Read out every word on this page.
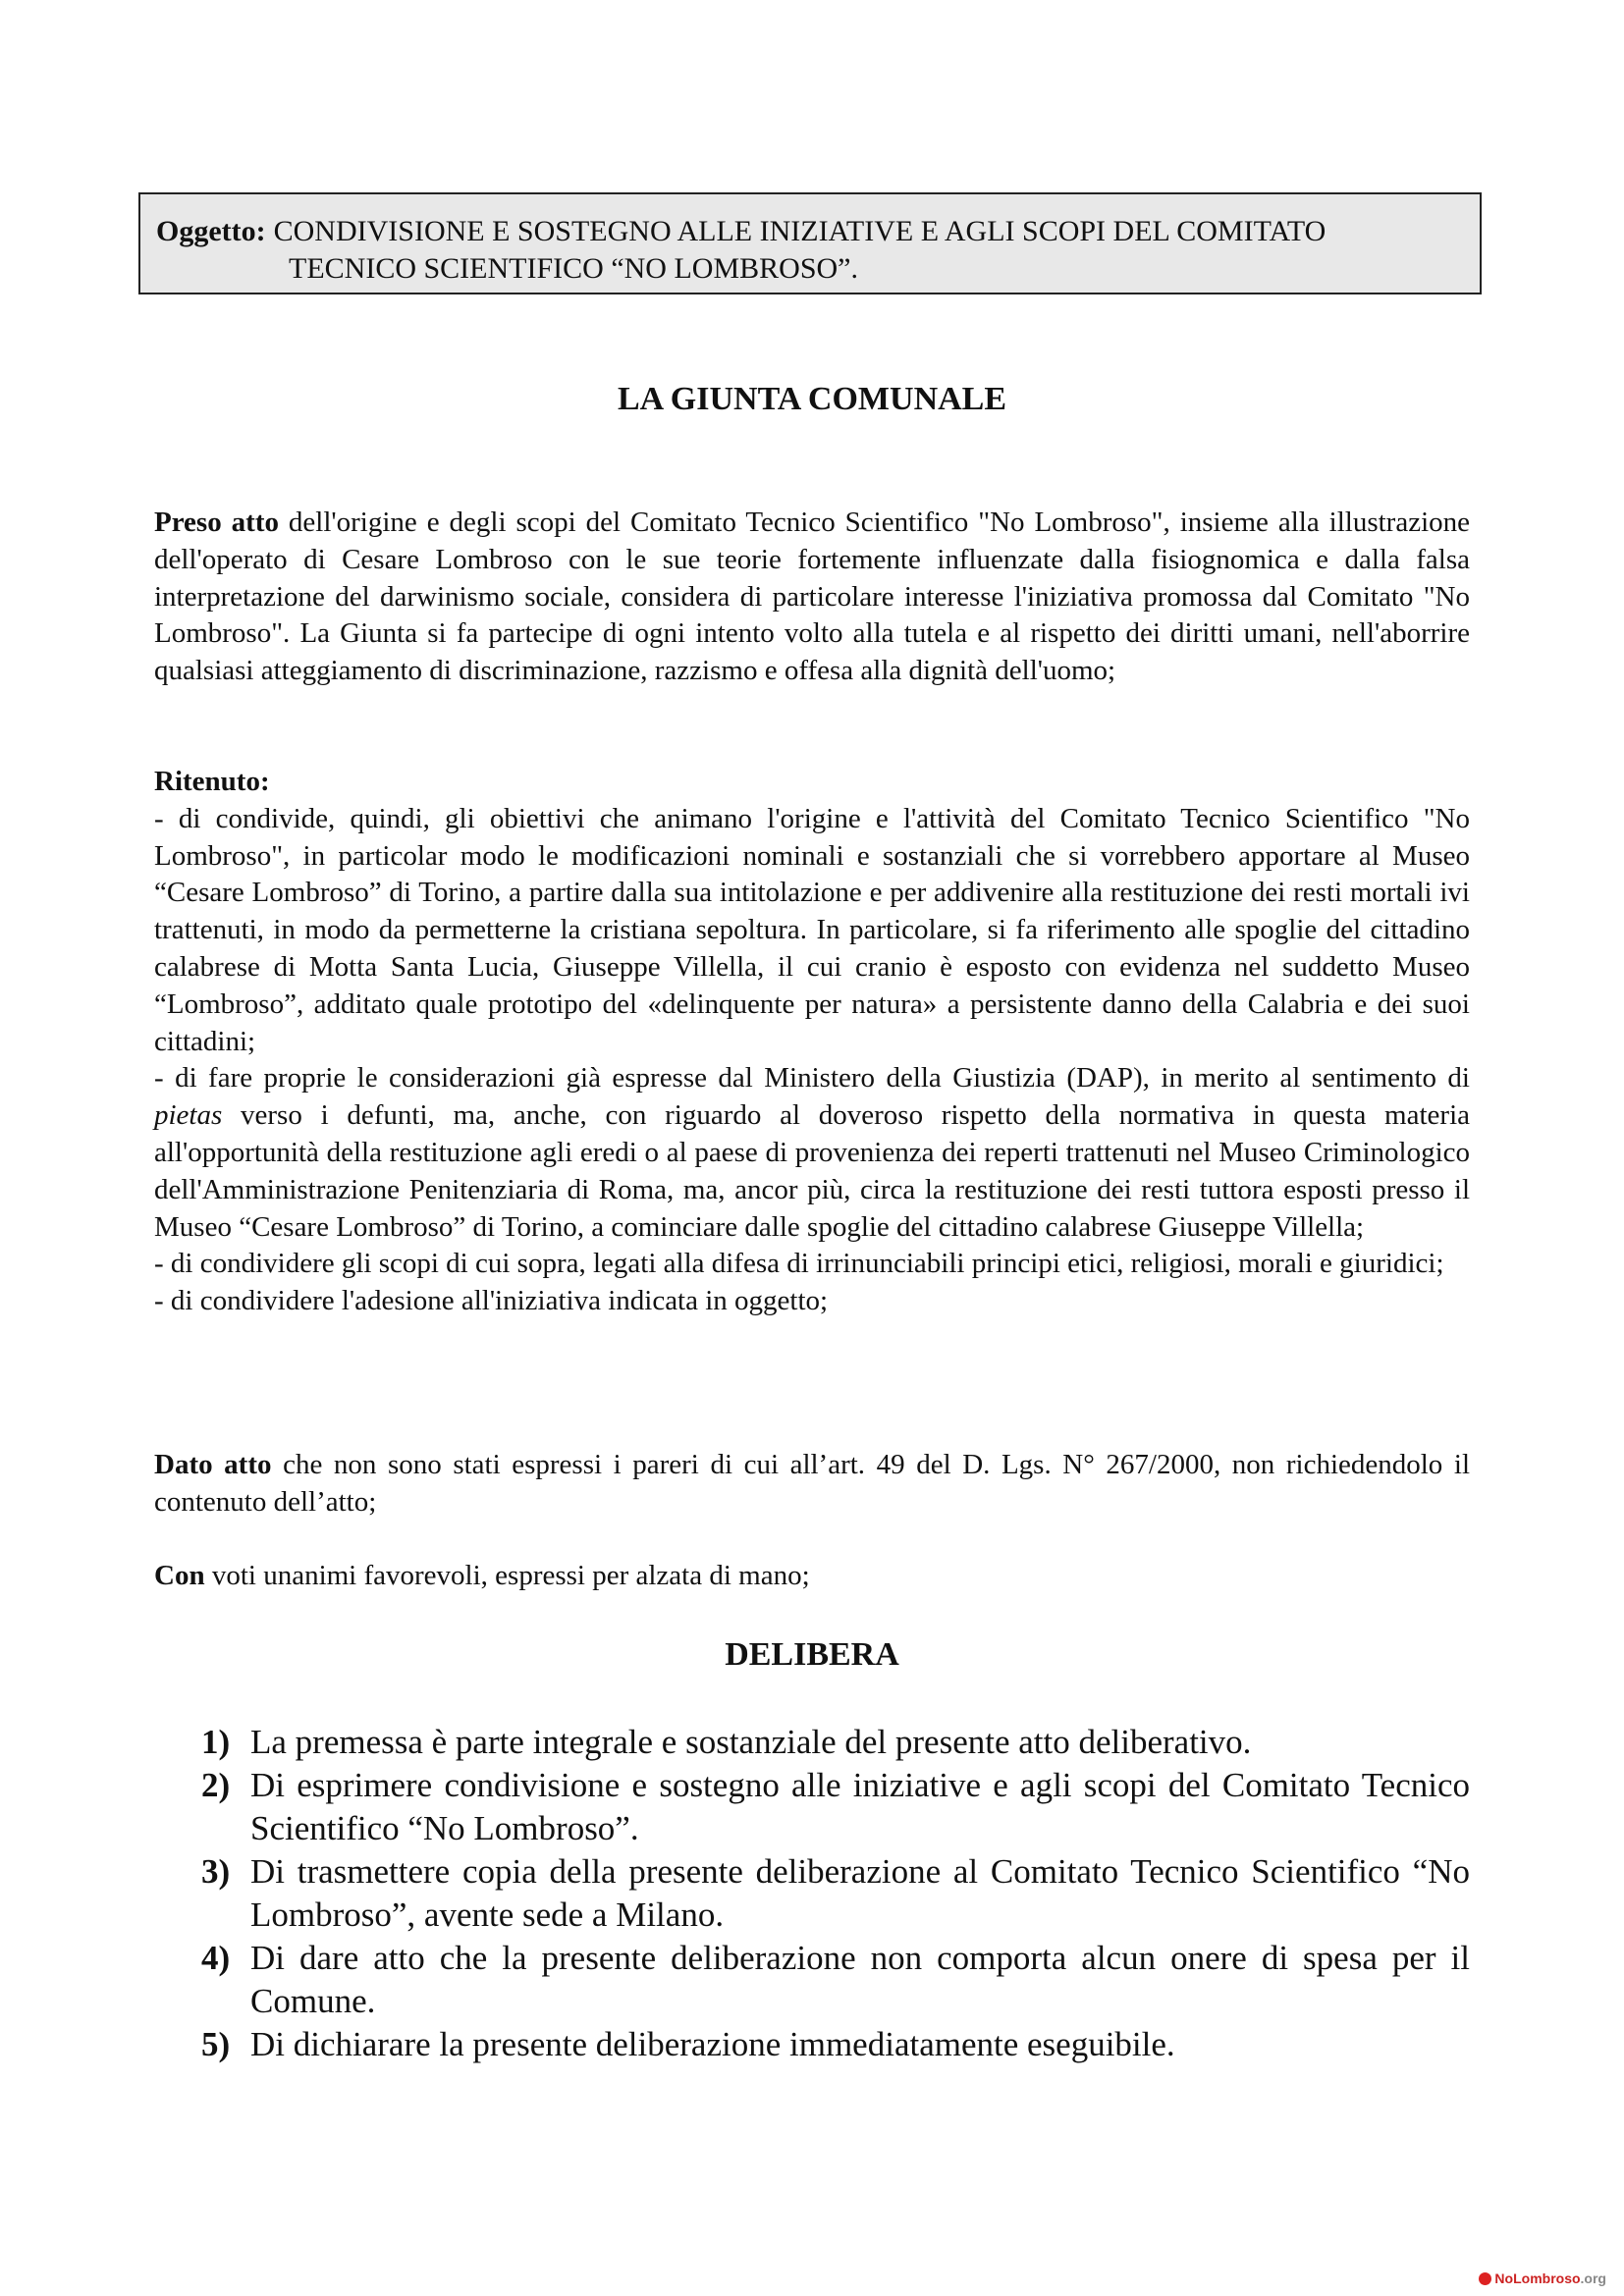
Oggetto: CONDIVISIONE E SOSTEGNO ALLE INIZIATIVE E AGLI SCOPI DEL COMITATO
TECNICO SCIENTIFICO “NO LOMBROSO”.
LA GIUNTA COMUNALE

Preso atto dell'origine e degli scopi del Comitato Tecnico Scientifico "No Lombroso", insieme alla illustrazione dell'operato di Cesare Lombroso con le sue teorie fortemente influenzate dalla fisiognomica e dalla falsa interpretazione del darwinismo sociale, considera di particolare interesse l'iniziativa promossa dal Comitato "No Lombroso". La Giunta si fa partecipe di ogni intento volto alla tutela e al rispetto dei diritti umani, nell'aborrire qualsiasi atteggiamento di discriminazione, razzismo e offesa alla dignità dell'uomo;

Ritenuto:

- di condivide, quindi, gli obiettivi che animano l'origine e l'attività del Comitato Tecnico Scientifico "No Lombroso", in particolar modo le modificazioni nominali e sostanziali che si vorrebbero apportare al Museo “Cesare Lombroso” di Torino, a partire dalla sua intitolazione e per addivenire alla restituzione dei resti mortali ivi trattenuti, in modo da permetterne la cristiana sepoltura. In particolare, si fa riferimento alle spoglie del cittadino calabrese di Motta Santa Lucia, Giuseppe Villella, il cui cranio è esposto con evidenza nel suddetto Museo “Lombroso”, additato quale prototipo del «delinquente per natura» a persistente danno della Calabria e dei suoi cittadini;

- di fare proprie le considerazioni già espresse dal Ministero della Giustizia (DAP), in merito al sentimento di pietas verso i defunti, ma, anche, con riguardo al doveroso rispetto della normativa in questa materia all'opportunità della restituzione agli eredi o al paese di provenienza dei reperti trattenuti nel Museo Criminologico dell'Amministrazione Penitenziaria di Roma, ma, ancor più, circa la restituzione dei resti tuttora esposti presso il Museo “Cesare Lombroso” di Torino, a cominciare dalle spoglie del cittadino calabrese Giuseppe Villella;

- di condividere gli scopi di cui sopra, legati alla difesa di irrinunciabili principi etici, religiosi, morali e giuridici;

- di condividere l'adesione all'iniziativa indicata in oggetto;

Dato atto che non sono stati espressi i pareri di cui all’art. 49 del D. Lgs. N° 267/2000, non richiedendolo il contenuto dell’atto;

Con voti unanimi favorevoli, espressi per alzata di mano;

DELIBERA
1) La premessa è parte integrale e sostanziale del presente atto deliberativo.
2) Di esprimere condivisione e sostegno alle iniziative e agli scopi del Comitato Tecnico Scientifico “No Lombroso”.
3) Di trasmettere copia della presente deliberazione al Comitato Tecnico Scientifico “No Lombroso”, avente sede a Milano.
4) Di dare atto che la presente deliberazione non comporta alcun onere di spesa per il Comune.
5) Di dichiarare la presente deliberazione immediatamente eseguibile.
No Lombroso .org
